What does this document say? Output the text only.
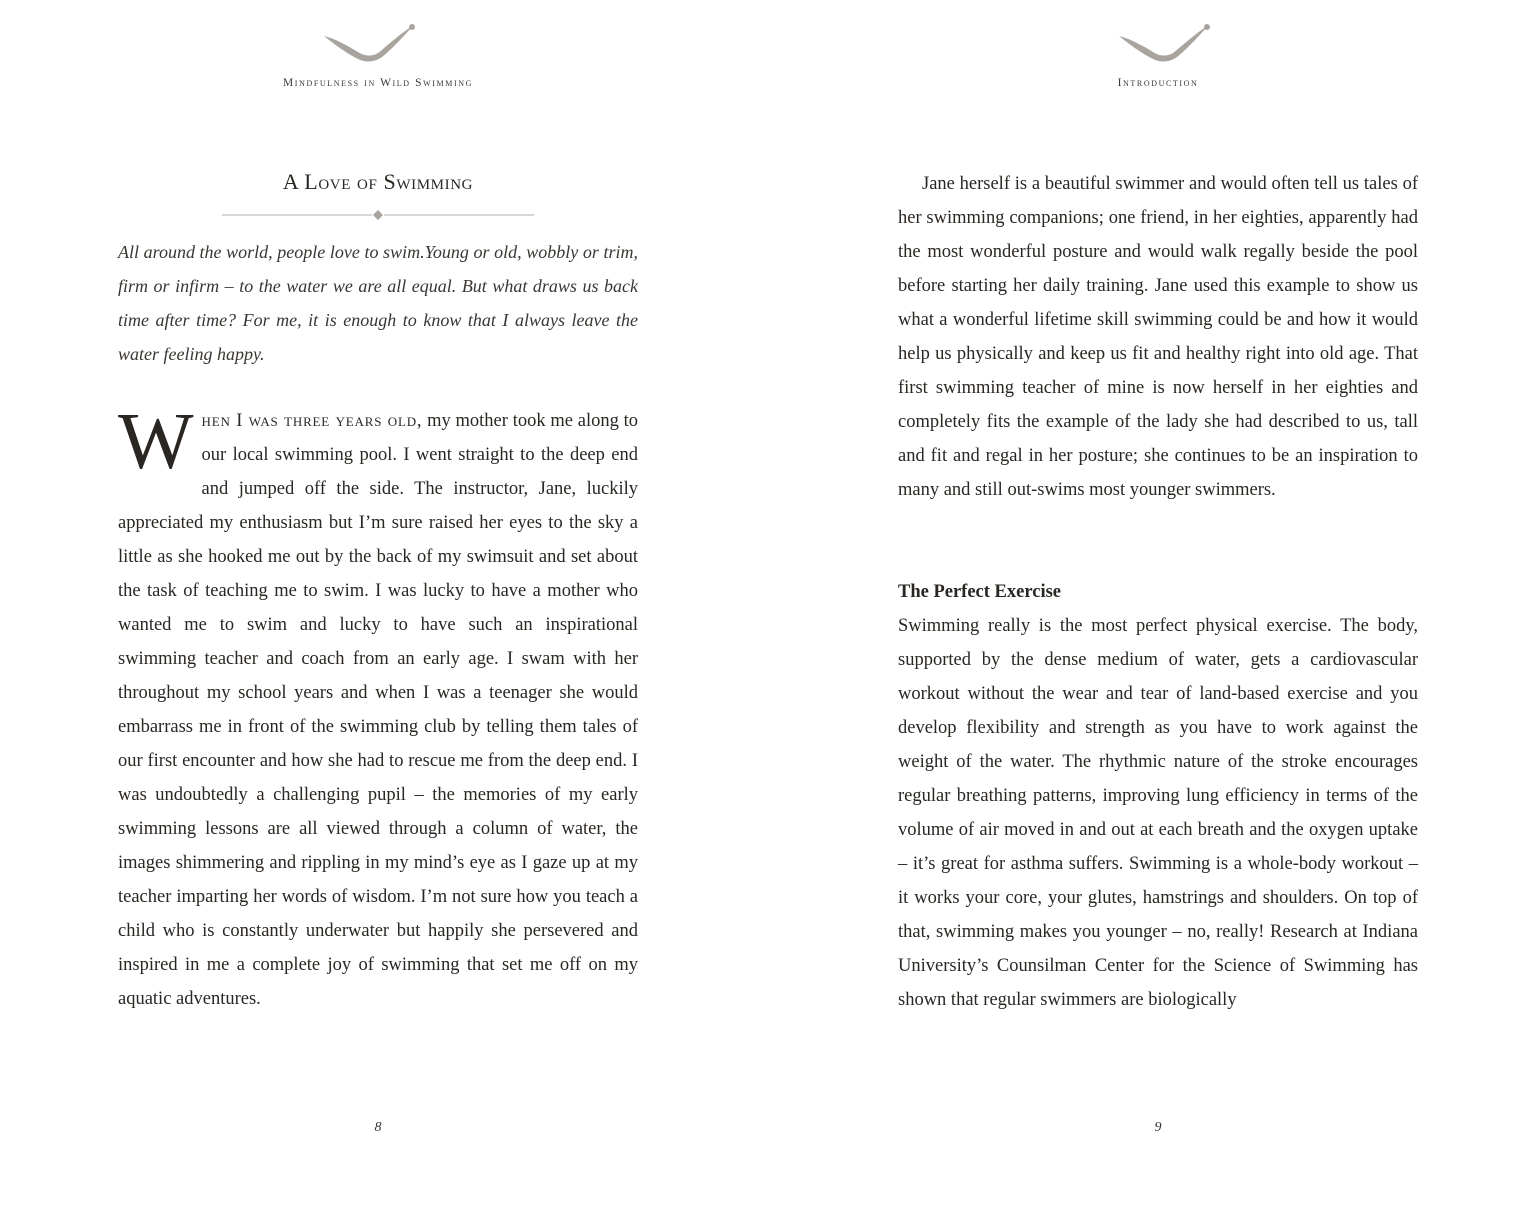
Mindfulness in Wild Swimming
A Love of Swimming

All around the world, people love to swim.Young or old, wobbly or trim, firm or infirm – to the water we are all equal. But what draws us back time after time? For me, it is enough to know that I always leave the water feeling happy.

When I was three years old, my mother took me along to our local swimming pool. I went straight to the deep end and jumped off the side. The instructor, Jane, luckily appreciated my enthusiasm but I’m sure raised her eyes to the sky a little as she hooked me out by the back of my swimsuit and set about the task of teaching me to swim. I was lucky to have a mother who wanted me to swim and lucky to have such an inspirational swimming teacher and coach from an early age. I swam with her throughout my school years and when I was a teenager she would embarrass me in front of the swimming club by telling them tales of our first encounter and how she had to rescue me from the deep end. I was undoubtedly a challenging pupil – the memories of my early swimming lessons are all viewed through a column of water, the images shimmering and rippling in my mind’s eye as I gaze up at my teacher imparting her words of wisdom. I’m not sure how you teach a child who is constantly underwater but happily she persevered and inspired in me a complete joy of swimming that set me off on my aquatic adventures.

8
Introduction

Jane herself is a beautiful swimmer and would often tell us tales of her swimming companions; one friend, in her eighties, apparently had the most wonderful posture and would walk regally beside the pool before starting her daily training. Jane used this example to show us what a wonderful lifetime skill swimming could be and how it would help us physically and keep us fit and healthy right into old age. That first swimming teacher of mine is now herself in her eighties and completely fits the example of the lady she had described to us, tall and fit and regal in her posture; she continues to be an inspiration to many and still out-swims most younger swimmers.

The Perfect Exercise

Swimming really is the most perfect physical exercise. The body, supported by the dense medium of water, gets a cardiovascular workout without the wear and tear of land-based exercise and you develop flexibility and strength as you have to work against the weight of the water. The rhythmic nature of the stroke encourages regular breathing patterns, improving lung efficiency in terms of the volume of air moved in and out at each breath and the oxygen uptake – it’s great for asthma suffers. Swimming is a whole-body workout – it works your core, your glutes, hamstrings and shoulders. On top of that, swimming makes you younger – no, really! Research at Indiana University’s Counsilman Center for the Science of Swimming has shown that regular swimmers are biologically

9
